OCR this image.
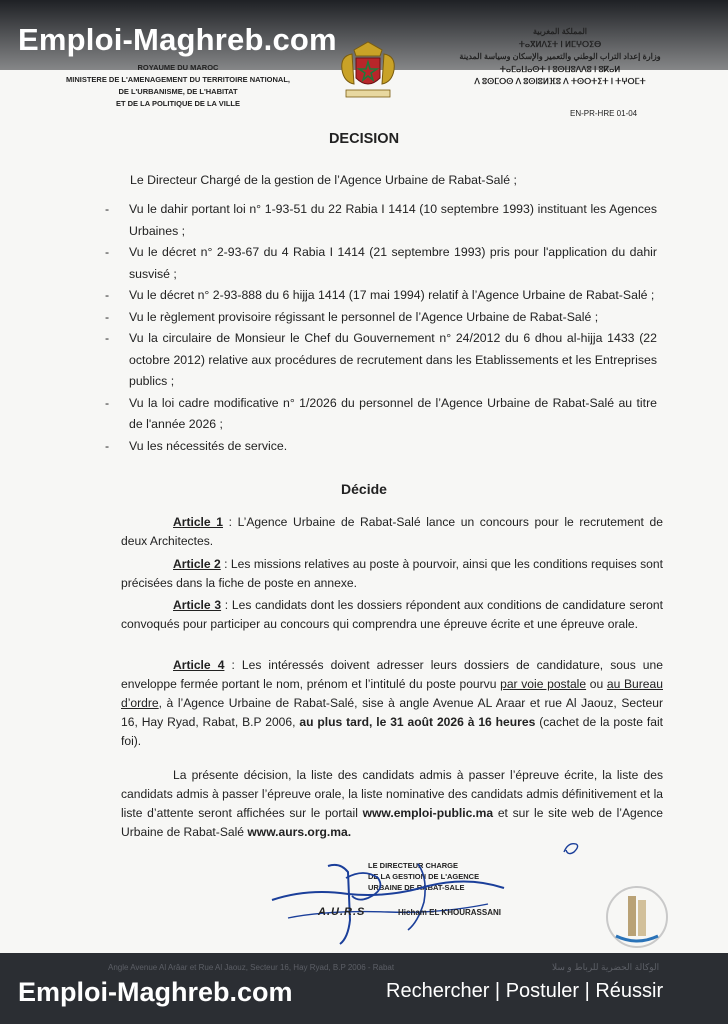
ROYAUME DU MAROC
MINISTERE DE L'AMENAGEMENT DU TERRITOIRE NATIONAL,
DE L'URBANISME, DE L'HABITAT
ET DE LA POLITIQUE DE LA VILLE
Emploi-Maghreb.com	المملكة المغربية
ⵜⴰⴳⵍⴷⵉⵜ ⵏ ⵍⵎⵖⵔⵉⴱ
وزارة إعداد التراب الوطني والتعمير والإسكان وسياسة المدينة
ⵜⴰⵎⴰⵡⴰⵙⵜ ⵏ ⵓⵙⵡⵓⴷⴷⵓ ⵏ ⵓⴽⴰⵍ
ⴷ ⵓⵙⵎⵔⵙ ⴷ ⵓⵙⵏⵓⵍⴼⵓ ⴷ ⵜⵙⵔⵜⵉⵜ ⵏ ⵜⵖⵔⵎⵜ
EN-PR-HRE 01-04
DECISION
Le Directeur Chargé de la gestion de l’Agence Urbaine de Rabat-Salé ;
- Vu le dahir portant loi n° 1-93-51 du 22 Rabia I 1414 (10 septembre 1993) instituant les Agences Urbaines ;
- Vu le décret n° 2-93-67 du 4 Rabia I 1414 (21 septembre 1993) pris pour l'application du dahir susvisé ;
- Vu le décret n° 2-93-888 du 6 hijja 1414 (17 mai 1994) relatif à l’Agence Urbaine de Rabat-Salé ;
- Vu le règlement provisoire régissant le personnel de l’Agence Urbaine de Rabat-Salé ;
- Vu la circulaire de Monsieur le Chef du Gouvernement n° 24/2012 du 6 dhou al-hijja 1433 (22 octobre 2012) relative aux procédures de recrutement dans les Etablissements et les Entreprises publics ;
- Vu la loi cadre modificative n° 1/2026 du personnel de l’Agence Urbaine de Rabat-Salé au titre de l'année 2026 ;
- Vu les nécessités de service.
Décide
Article 1 : L’Agence Urbaine de Rabat-Salé lance un concours pour le recrutement de deux Architectes.
Article 2 : Les missions relatives au poste à pourvoir, ainsi que les conditions requises sont précisées dans la fiche de poste en annexe.
Article 3 : Les candidats dont les dossiers répondent aux conditions de candidature seront convoqués pour participer au concours qui comprendra une épreuve écrite et une épreuve orale.
Article 4 : Les intéressés doivent adresser leurs dossiers de candidature, sous une enveloppe fermée portant le nom, prénom et l’intitulé du poste pourvu par voie postale ou au Bureau d’ordre, à l’Agence Urbaine de Rabat-Salé, sise à angle Avenue AL Araar et rue Al Jaouz, Secteur 16, Hay Ryad, Rabat, B.P 2006, au plus tard, le 31 août 2026 à 16 heures (cachet de la poste fait foi).
La présente décision, la liste des candidats admis à passer l’épreuve écrite, la liste des candidats admis à passer l’épreuve orale, la liste nominative des candidats admis définitivement et la liste d’attente seront affichées sur le portail www.emploi-public.ma et sur le site web de l’Agence Urbaine de Rabat-Salé www.aurs.org.ma.
LE DIRECTEUR CHARGE
DE LA GESTION DE L'AGENCE
URBAINE DE RABAT-SALE
A.U.R.S	Hicham EL KHOURASSANI
Angle Avenue Al Arâar et Rue Al Jaouz, Secteur 16, Hay Ryad, B.P 2006 - Rabat	الوكالة الحضرية للرباط و سلا
Emploi-Maghreb.com	Rechercher | Postuler | Réussir
